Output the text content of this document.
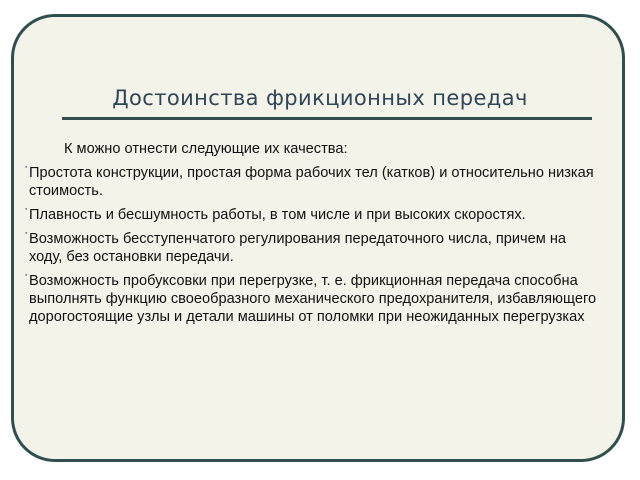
Достоинства фрикционных передач

К можно отнести следующие их качества:

▪ Простота конструкции, простая форма рабочих тел (катков) и относительно низкая стоимость.
▪ Плавность и бесшумность работы, в том числе и при высоких скоростях.
▪ Возможность бесступенчатого регулирования передаточного числа, причем на ходу, без остановки передачи.
▪ Возможность пробуксовки при перегрузке, т. е. фрикционная передача способна выполнять функцию своеобразного механического предохранителя, избавляющего дорогостоящие узлы и детали машины от поломки при неожиданных перегрузках
